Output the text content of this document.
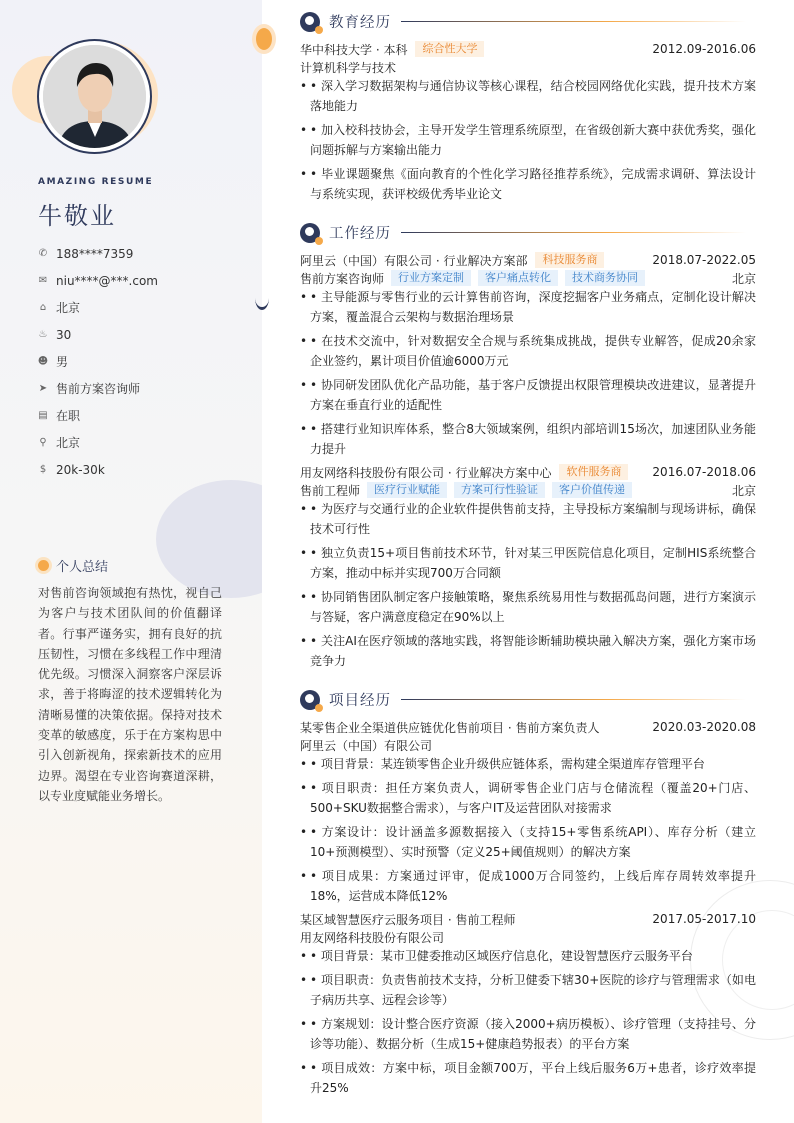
AMAZING RESUME
牛敬业
✆ 188****7359
✉ niu****@***.com
⌂ 北京
♨ 30
☻ 男
➤ 售前方案咨询师
▤ 在职
⚲ 北京
$ 20k-30k
个人总结
对售前咨询领域抱有热忱，视自己为客户与技术团队间的价值翻译者。行事严谨务实，拥有良好的抗压韧性，习惯在多线程工作中理清优先级。习惯深入洞察客户深层诉求，善于将晦涩的技术逻辑转化为清晰易懂的决策依据。保持对技术变革的敏感度，乐于在方案构思中引入创新视角，探索新技术的应用边界。渴望在专业咨询赛道深耕，以专业度赋能业务增长。
教育经历
华中科技大学 · 本科	综合性大学	2012.09-2016.06
计算机科学与技术
• • 深入学习数据架构与通信协议等核心课程，结合校园网络优化实践，提升技术方案落地能力
• • 加入校科技协会，主导开发学生管理系统原型，在省级创新大赛中获优秀奖，强化问题拆解与方案输出能力
• • 毕业课题聚焦《面向教育的个性化学习路径推荐系统》，完成需求调研、算法设计与系统实现，获评校级优秀毕业论文
工作经历
阿里云（中国）有限公司 · 行业解决方案部	科技服务商	2018.07-2022.05
售前方案咨询师	行业方案定制	客户痛点转化	技术商务协同	北京
• • 主导能源与零售行业的云计算售前咨询，深度挖掘客户业务痛点，定制化设计解决方案，覆盖混合云架构与数据治理场景
• • 在技术交流中，针对数据安全合规与系统集成挑战，提供专业解答，促成20余家企业签约，累计项目价值逾6000万元
• • 协同研发团队优化产品功能，基于客户反馈提出权限管理模块改进建议，显著提升方案在垂直行业的适配性
• • 搭建行业知识库体系，整合8大领域案例，组织内部培训15场次，加速团队业务能力提升
用友网络科技股份有限公司 · 行业解决方案中心	软件服务商	2016.07-2018.06
售前工程师	医疗行业赋能	方案可行性验证	客户价值传递	北京
• • 为医疗与交通行业的企业软件提供售前支持，主导投标方案编制与现场讲标，确保技术可行性
• • 独立负责15+项目售前技术环节，针对某三甲医院信息化项目，定制HIS系统整合方案，推动中标并实现700万合同额
• • 协同销售团队制定客户接触策略，聚焦系统易用性与数据孤岛问题，进行方案演示与答疑，客户满意度稳定在90%以上
• • 关注AI在医疗领域的落地实践，将智能诊断辅助模块融入解决方案，强化方案市场竞争力
项目经历
某零售企业全渠道供应链优化售前项目 · 售前方案负责人	2020.03-2020.08
阿里云（中国）有限公司
• • 项目背景：某连锁零售企业升级供应链体系，需构建全渠道库存管理平台
• • 项目职责：担任方案负责人，调研零售企业门店与仓储流程（覆盖20+门店、500+SKU数据整合需求），与客户IT及运营团队对接需求
• • 方案设计：设计涵盖多源数据接入（支持15+零售系统API）、库存分析（建立10+预测模型）、实时预警（定义25+阈值规则）的解决方案
• • 项目成果：方案通过评审，促成1000万合同签约，上线后库存周转效率提升18%，运营成本降低12%
某区域智慧医疗云服务项目 · 售前工程师	2017.05-2017.10
用友网络科技股份有限公司
• • 项目背景：某市卫健委推动区域医疗信息化，建设智慧医疗云服务平台
• • 项目职责：负责售前技术支持，分析卫健委下辖30+医院的诊疗与管理需求（如电子病历共享、远程会诊等）
• • 方案规划：设计整合医疗资源（接入2000+病历模板）、诊疗管理（支持挂号、分诊等功能）、数据分析（生成15+健康趋势报表）的平台方案
• • 项目成效：方案中标，项目金额700万，平台上线后服务6万+患者，诊疗效率提升25%
